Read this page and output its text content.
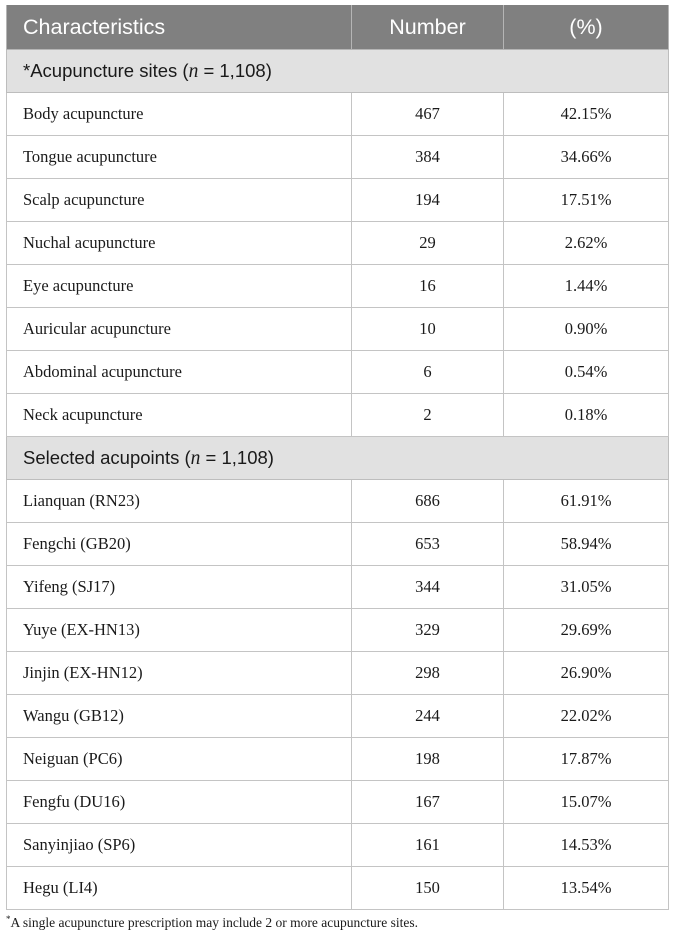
Characteristics	Number	(%)
*Acupuncture sites (n = 1,108)		
Body acupuncture	467	42.15%
Tongue acupuncture	384	34.66%
Scalp acupuncture	194	17.51%
Nuchal acupuncture	29	2.62%
Eye acupuncture	16	1.44%
Auricular acupuncture	10	0.90%
Abdominal acupuncture	6	0.54%
Neck acupuncture	2	0.18%
Selected acupoints (n = 1,108)		
Lianquan (RN23)	686	61.91%
Fengchi (GB20)	653	58.94%
Yifeng (SJ17)	344	31.05%
Yuye (EX-HN13)	329	29.69%
Jinjin (EX-HN12)	298	26.90%
Wangu (GB12)	244	22.02%
Neiguan (PC6)	198	17.87%
Fengfu (DU16)	167	15.07%
Sanyinjiao (SP6)	161	14.53%
Hegu (LI4)	150	13.54%
*A single acupuncture prescription may include 2 or more acupuncture sites.
